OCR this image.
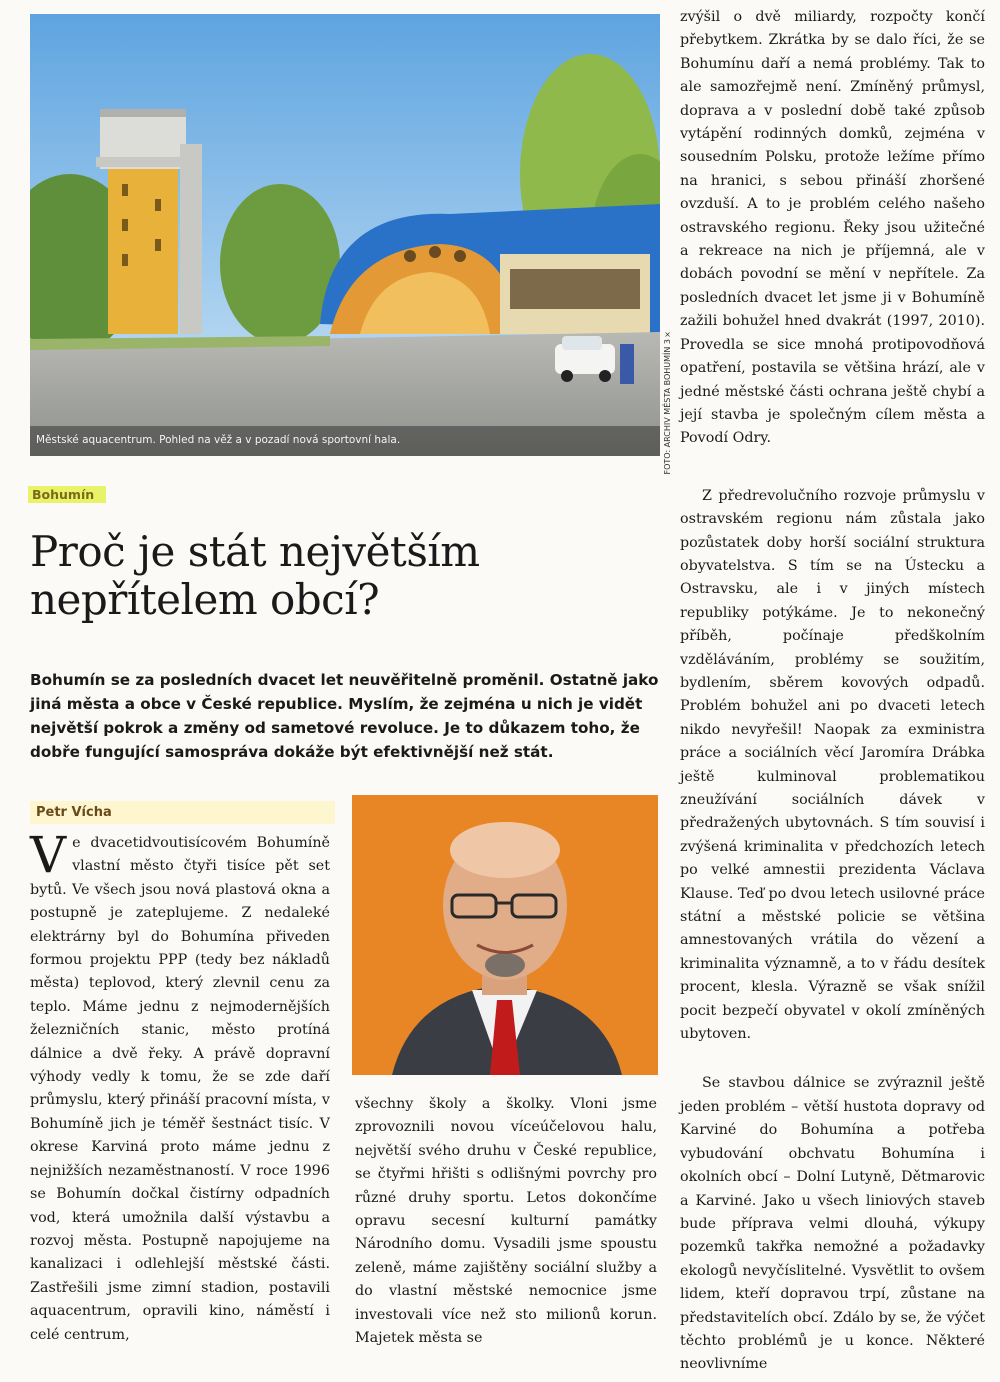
Městské aquacentrum. Pohled na věž a v pozadí nová sportovní hala.	FOTO: ARCHIV MĚSTA BOHUMÍN 3×
Bohumín
Proč je stát největším nepřítelem obcí?

Bohumín se za posledních dvacet let neuvěřitelně proměnil. Ostatně jako jiná města a obce v České republice. Myslím, že zejména u nich je vidět největší pokrok a změny od sametové revoluce. Je to důkazem toho, že dobře fungující samospráva dokáže být efektivnější než stát.

Petr Vícha

Ve dvacetidvoutisícovém Bohumíně vlastní město čtyři tisíce pět set bytů. Ve všech jsou nová plastová okna a postupně je zateplujeme. Z nedaleké elektrárny byl do Bohumína přiveden formou projektu PPP (tedy bez nákladů města) teplovod, který zlevnil cenu za teplo. Máme jednu z nejmodernějších železničních stanic, město protíná dálnice a dvě řeky. A právě dopravní výhody vedly k tomu, že se zde daří průmyslu, který přináší pracovní místa, v Bohumíně jich je téměř šestnáct tisíc. V okrese Karviná proto máme jednu z nejnižších nezaměstnaností. V roce 1996 se Bohumín dočkal čistírny odpadních vod, která umožnila další výstavbu a rozvoj města. Postupně napojujeme na kanalizaci i odlehlejší městské části. Zastřešili jsme zimní stadion, postavili aquacentrum, opravili kino, náměstí i celé centrum,

všechny školy a školky. Vloni jsme zprovoznili novou víceúčelovou halu, největší svého druhu v České republice, se čtyřmi hřišti s odlišnými povrchy pro různé druhy sportu. Letos dokončíme opravu secesní kulturní památky Národního domu. Vysadili jsme spoustu zeleně, máme zajištěny sociální služby a do vlastní městské nemocnice jsme investovali více než sto milionů korun. Majetek města se

zvýšil o dvě miliardy, rozpočty končí přebytkem. Zkrátka by se dalo říci, že se Bohumínu daří a nemá problémy. Tak to ale samozřejmě není. Zmíněný průmysl, doprava a v poslední době také způsob vytápění rodinných domků, zejména v sousedním Polsku, protože ležíme přímo na hranici, s sebou přináší zhoršené ovzduší. A to je problém celého našeho ostravského regionu. Řeky jsou užitečné a rekreace na nich je příjemná, ale v dobách povodní se mění v nepřítele. Za posledních dvacet let jsme ji v Bohumíně zažili bohužel hned dvakrát (1997, 2010). Provedla se sice mnohá protipovodňová opatření, postavila se většina hrází, ale v jedné městské části ochrana ještě chybí a její stavba je společným cílem města a Povodí Odry.

Z předrevolučního rozvoje průmyslu v ostravském regionu nám zůstala jako pozůstatek doby horší sociální struktura obyvatelstva. S tím se na Ústecku a Ostravsku, ale i v jiných místech republiky potýkáme. Je to nekonečný příběh, počínaje předškolním vzděláváním, problémy se soužitím, bydlením, sběrem kovových odpadů. Problém bohužel ani po dvaceti letech nikdo nevyřešil! Naopak za exministra práce a sociálních věcí Jaromíra Drábka ještě kulminoval problematikou zneužívání sociálních dávek v předražených ubytovnách. S tím souvisí i zvýšená kriminalita v předchozích letech po velké amnestii prezidenta Václava Klause. Teď po dvou letech usilovné práce státní a městské policie se většina amnestovaných vrátila do vězení a kriminalita významně, a to v řádu desítek procent, klesla. Výrazně se však snížil pocit bezpečí obyvatel v okolí zmíněných ubytoven.

Se stavbou dálnice se zvýraznil ještě jeden problém – větší hustota dopravy od Karviné do Bohumína a potřeba vybudování obchvatu Bohumína i okolních obcí – Dolní Lutyně, Dětmarovic a Karviné. Jako u všech liniových staveb bude příprava velmi dlouhá, výkupy pozemků takřka nemožné a požadavky ekologů nevyčíslitelné. Vysvětlit to ovšem lidem, kteří dopravou trpí, zůstane na představitelích obcí. Zdálo by se, že výčet těchto problémů je u konce. Některé neovlivníme
